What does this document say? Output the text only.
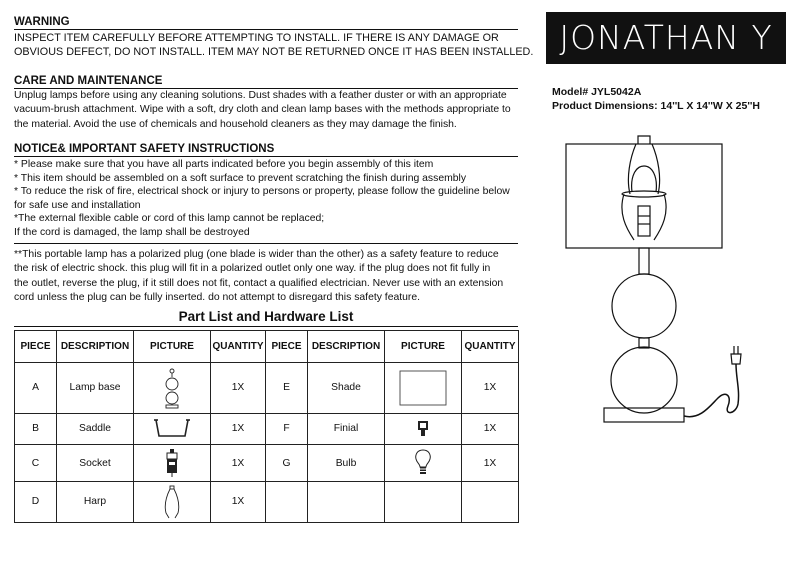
WARNING
INSPECT ITEM CAREFULLY BEFORE ATTEMPTING TO INSTALL. IF THERE IS ANY DAMAGE OR
OBVIOUS DEFECT, DO NOT INSTALL. ITEM MAY NOT BE RETURNED ONCE IT HAS BEEN INSTALLED.
CARE AND MAINTENANCE
Unplug lamps before using any cleaning solutions. Dust shades with a feather duster or with an appropriate
vacuum-brush attachment. Wipe with a soft, dry cloth and clean lamp bases with the methods appropriate to
the material. Avoid the use of chemicals and household cleaners as they may damage the finish.
NOTICE& IMPORTANT SAFETY INSTRUCTIONS
* Please make sure that you have all parts indicated before you begin assembly of this item
* This item should be assembled on a soft surface to prevent scratching the finish during assembly
* To reduce the risk of fire, electrical shock or injury to persons or property, please follow the guideline below
for safe use and installation
*The external flexible cable or cord of this lamp cannot be replaced;
If the cord is damaged, the lamp shall be destroyed
**This portable lamp has a polarized plug (one blade is wider than the other) as a safety feature to reduce
the risk of electric shock. this plug will fit in a polarized outlet only one way. if the plug does not fit fully in
the outlet, reverse the plug, if it still does not fit, contact a qualified electrician. Never use with an extension
cord unless the plug can be fully inserted. do not attempt to disregard this safety feature.
Part List and Hardware List
JONATHAN Y
Model# JYL5042A
Product Dimensions: 14''L X 14''W X 25''H
PIECE	DESCRIPTION	PICTURE	QUANTITY	PIECE	DESCRIPTION	PICTURE	QUANTITY
A	Lamp base		1X	E	Shade		1X
B	Saddle		1X	F	Finial		1X
C	Socket		1X	G	Bulb		1X
D	Harp		1X				
